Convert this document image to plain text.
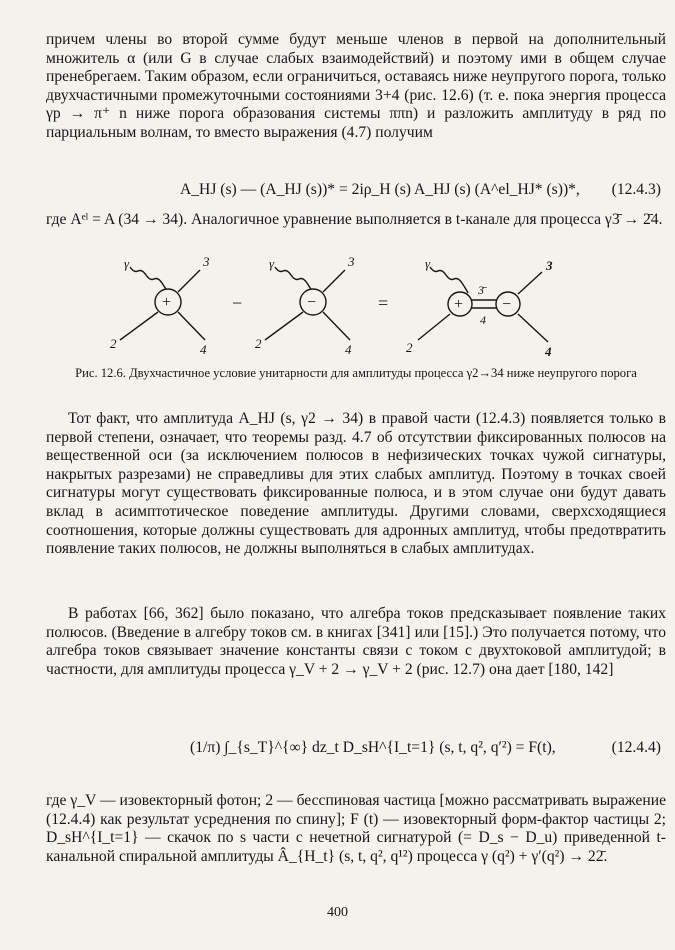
причем члены во второй сумме будут меньше членов в первой на дополнительный множитель α (или G в случае слабых взаимодействий) и поэтому ими в общем случае пренебрегаем. Таким образом, если ограничиться, оставаясь ниже неупругого порога, только двухчастичными промежуточными состояниями 3+4 (рис. 12.6) (т. е. пока энергия процесса γp → π⁺ n ниже порога образования системы ππn) и разложить амплитуду в ряд по парциальным волнам, то вместо выражения (4.7) получим

A_HJ (s) — (A_HJ (s))* = 2iρ_H (s) A_HJ (s) (A^el_HJ* (s))*, (12.4.3)

где Aᵉˡ = A (34 → 34). Аналогичное уравнение выполняется в t-канале для процесса γ3̄ → 2̄4.

γ	3
2	4
+	−
γ	3
2	4
−	=
γ	3
2	4
3̄
4
+ −

Рис. 12.6. Двухчастичное условие унитарности для амплитуды процесса γ2→34 ниже неупругого порога

Тот факт, что амплитуда A_HJ (s, γ2 → 34) в правой части (12.4.3) появляется только в первой степени, означает, что теоремы разд. 4.7 об отсутствии фиксированных полюсов на вещественной оси (за исключением полюсов в нефизических точках чужой сигнатуры, накрытых разрезами) не справедливы для этих слабых амплитуд. Поэтому в точках своей сигнатуры могут существовать фиксированные полюса, и в этом случае они будут давать вклад в асимптотическое поведение амплитуды. Другими словами, сверхсходящиеся соотношения, которые должны существовать для адронных амплитуд, чтобы предотвратить появление таких полюсов, не должны выполняться в слабых амплитудах.

В работах [66, 362] было показано, что алгебра токов предсказывает появление таких полюсов. (Введение в алгебру токов см. в книгах [341] или [15].) Это получается потому, что алгебра токов связывает значение константы связи с током с двухтоковой амплитудой; в частности, для амплитуды процесса γ_V + 2 → γ_V + 2 (рис. 12.7) она дает [180, 142]

(1/π) ∫_{s_T}^{∞} dz_t D_sH^{I_t=1} (s, t, q², q′²) = F(t),	(12.4.4)

где γ_V — изовекторный фотон; 2 — бесспиновая частица [можно рассматривать выражение (12.4.4) как результат усреднения по спину]; F (t) — изовекторный форм-фактор частицы 2; D_sH^{I_t=1} — скачок по s части с нечетной сигнатурой (= D_s − D_u) приведенной t-канальной спиральной амплитуды Â_{H_t} (s, t, q², q¹²) процесса γ (q²) + γ′(q²) → 22̄.

400
